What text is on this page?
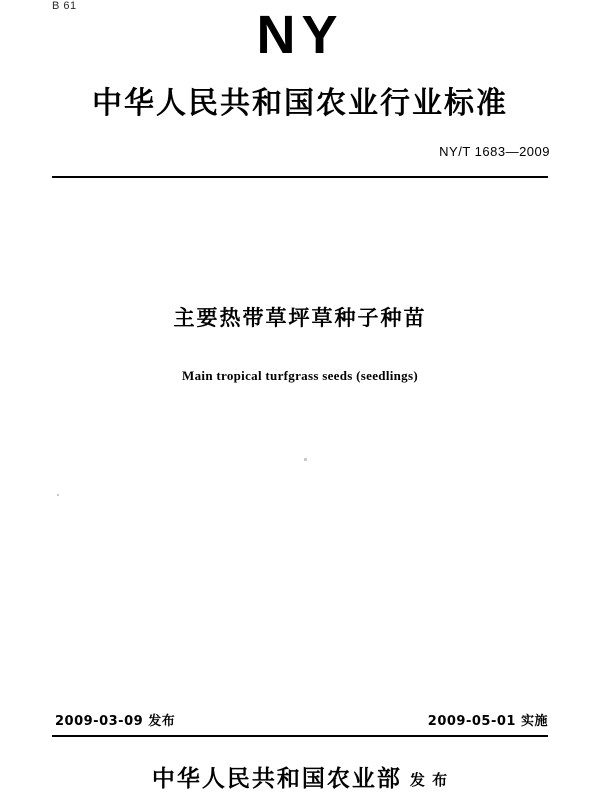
B 61	NY
中华人民共和国农业行业标准
NY/T 1683—2009
主要热带草坪草种子种苗
Main tropical turfgrass seeds (seedlings)
2009-03-09 发布	2009-05-01 实施
中华人民共和国农业部 发 布
